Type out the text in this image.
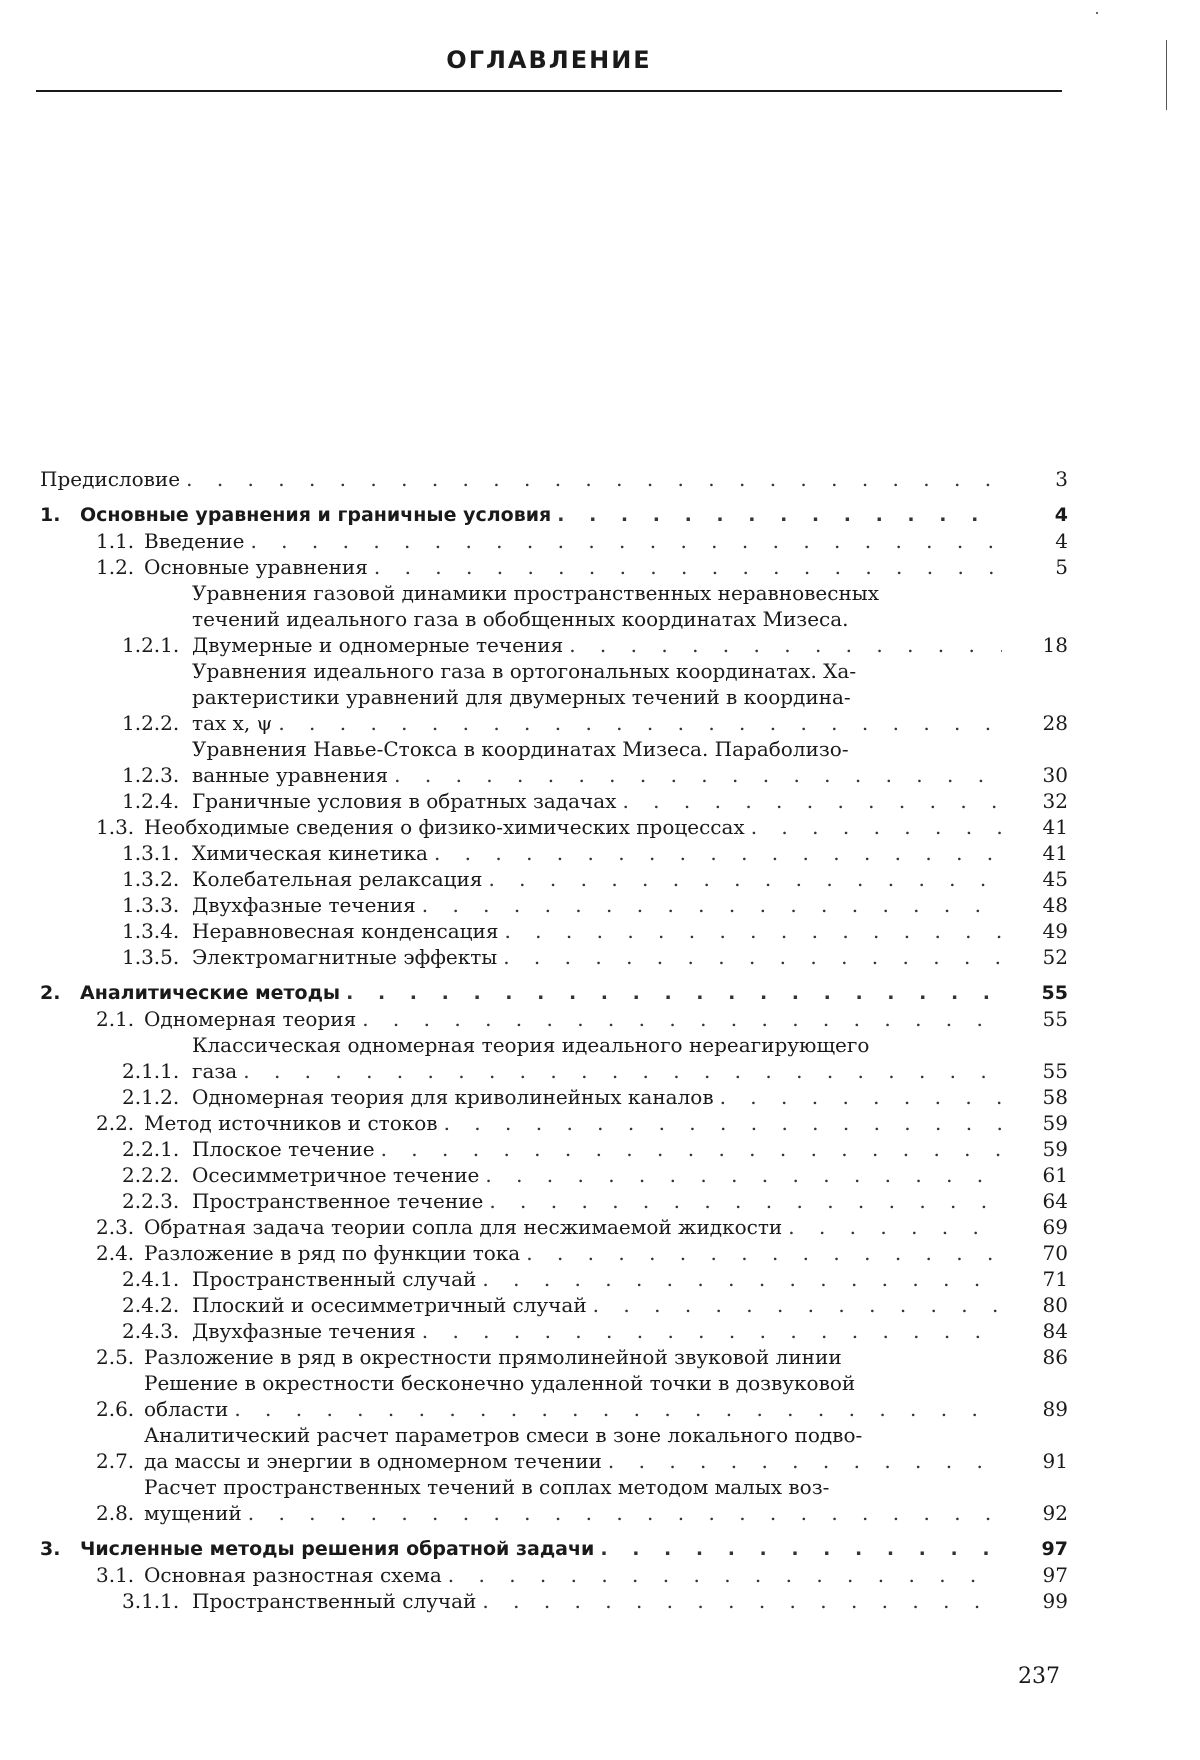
ОГЛАВЛЕНИЕ
Предисловие . . .	3
1.	Основные уравнения и граничные условия . . .	4
1.1. Введение . . .	4
1.2. Основные уравнения . . .	5
1.2.1.
Уравнения газовой динамики пространственных неравновесных
течений идеального газа в обобщенных координатах Мизеса.
Двумерные и одномерные течения . . .	18
1.2.2.
Уравнения идеального газа в ортогональных координатах. Ха-
рактеристики уравнений для двумерных течений в координа-
тах x, ψ . . .	28
1.2.3.
Уравнения Навье-Стокса в координатах Мизеса. Параболизо-
ванные уравнения . . .	30
1.2.4. Граничные условия в обратных задачах . . .	32
1.3. Необходимые сведения о физико-химических процессах . . .	41
1.3.1. Химическая кинетика . . .	41
1.3.2. Колебательная релаксация . . .	45
1.3.3. Двухфазные течения . . .	48
1.3.4. Неравновесная конденсация . . .	49
1.3.5. Электромагнитные эффекты . . .	52
2.	Аналитические методы . . .	55
2.1. Одномерная теория . . .	55
2.1.1.
Классическая одномерная теория идеального нереагирующего
газа . . .	55
2.1.2. Одномерная теория для криволинейных каналов . . .	58
2.2. Метод источников и стоков . . .	59
2.2.1. Плоское течение . . .	59
2.2.2. Осесимметричное течение . . .	61
2.2.3. Пространственное течение . . .	64
2.3. Обратная задача теории сопла для несжимаемой жидкости . . .	69
2.4. Разложение в ряд по функции тока . . .	70
2.4.1. Пространственный случай . . .	71
2.4.2. Плоский и осесимметричный случай . . .	80
2.4.3. Двухфазные течения . . .	84
2.5. Разложение в ряд в окрестности прямолинейной звуковой линии	86
2.6.
Решение в окрестности бесконечно удаленной точки в дозвуковой
области . . .	89
2.7.
Аналитический расчет параметров смеси в зоне локального подво-
да массы и энергии в одномерном течении . . .	91
2.8.
Расчет пространственных течений в соплах методом малых воз-
мущений . . .	92
3.	Численные методы решения обратной задачи . . .	97
3.1. Основная разностная схема . . .	97
3.1.1. Пространственный случай . . .	99
237
